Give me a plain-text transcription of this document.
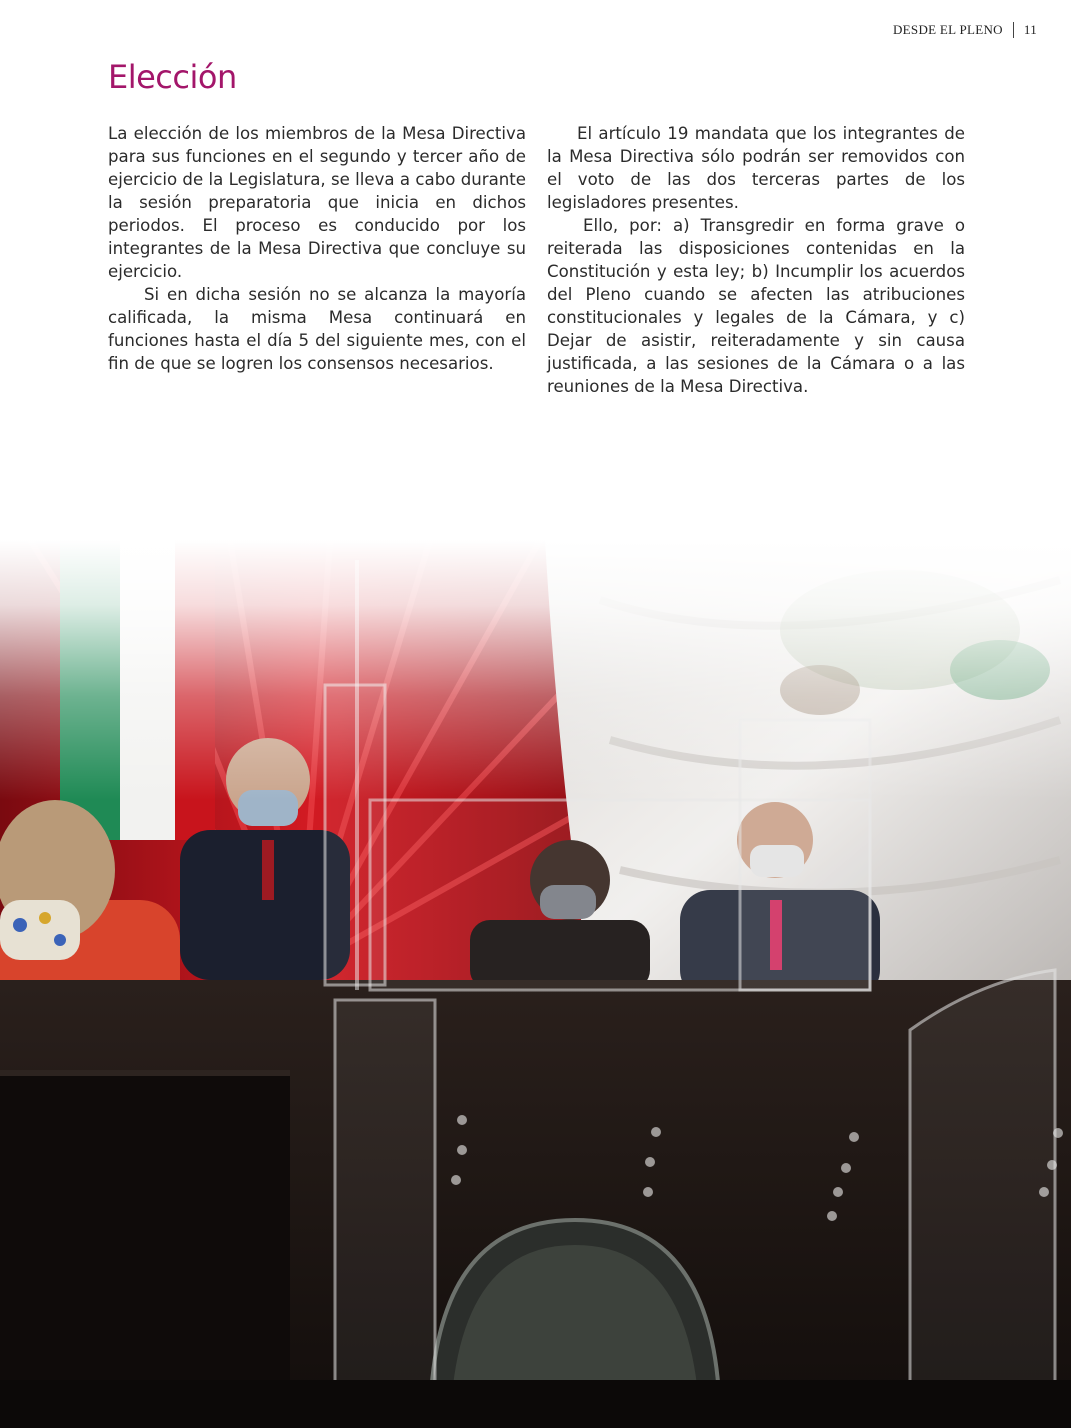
DESDE EL PLENO 11
Elección

La elección de los miembros de la Mesa Directiva para sus funciones en el segundo y tercer año de ejercicio de la Legislatura, se lleva a cabo durante la sesión preparatoria que inicia en dichos periodos. El proceso es conducido por los integrantes de la Mesa Directiva que concluye su ejercicio.

Si en dicha sesión no se alcanza la mayoría calificada, la misma Mesa continuará en funciones hasta el día 5 del siguiente mes, con el fin de que se logren los consensos necesarios.

El artículo 19 mandata que los integrantes de la Mesa Directiva sólo podrán ser removidos con el voto de las dos terceras partes de los legisladores presentes.

Ello, por: a) Transgredir en forma grave o reiterada las disposiciones contenidas en la Constitución y esta ley; b) Incumplir los acuerdos del Pleno cuando se afecten las atribuciones constitucionales y legales de la Cámara, y c) Dejar de asistir, reiteradamente y sin causa justificada, a las sesiones de la Cámara o a las reuniones de la Mesa Directiva.
